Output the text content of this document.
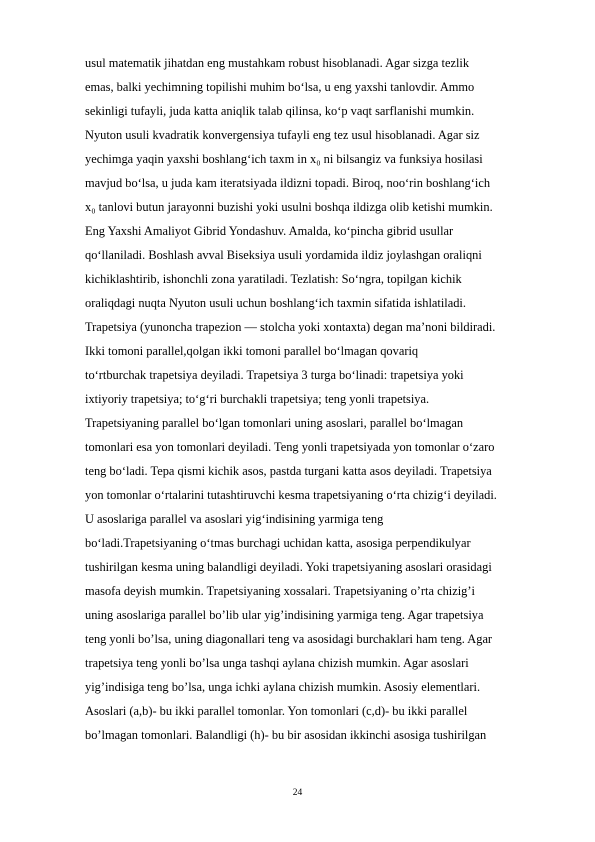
usul matematik jihatdan eng mustahkam robust hisoblanadi. Agar sizga tezlik
emas, balki yechimning topilishi muhim bo‘lsa, u eng yaxshi tanlovdir. Ammo
sekinligi tufayli, juda katta aniqlik talab qilinsa, ko‘p vaqt sarflanishi mumkin.
Nyuton usuli kvadratik konvergensiya tufayli eng tez usul hisoblanadi. Agar siz
yechimga yaqin yaxshi boshlang‘ich taxm in x₀ ni bilsangiz va funksiya hosilasi
mavjud bo‘lsa, u juda kam iteratsiyada ildizni topadi. Biroq, noo‘rin boshlang‘ich
x₀ tanlovi butun jarayonni buzishi yoki usulni boshqa ildizga olib ketishi mumkin.
Eng Yaxshi Amaliyot Gibrid Yondashuv. Amalda, ko‘pincha gibrid usullar
qo‘llaniladi. Boshlash avval Biseksiya usuli yordamida ildiz joylashgan oraliqni
kichiklashtirib, ishonchli zona yaratiladi. Tezlatish: So‘ngra, topilgan kichik
oraliqdagi nuqta Nyuton usuli uchun boshlang‘ich taxmin sifatida ishlatiladi.
Trapetsiya (yunoncha trapezion — stolcha yoki xontaxta) degan ma’noni bildiradi.
Ikki tomoni parallel,qolgan ikki tomoni parallel bo‘lmagan qovariq
to‘rtburchak trapetsiya deyiladi. Trapetsiya 3 turga bo‘linadi: trapetsiya yoki
ixtiyoriy trapetsiya; to‘g‘ri burchakli trapetsiya; teng yonli trapetsiya.
Trapetsiyaning parallel bo‘lgan tomonlari uning asoslari, parallel bo‘lmagan
tomonlari esa yon tomonlari deyiladi. Teng yonli trapetsiyada yon tomonlar o‘zaro
teng bo‘ladi. Tepa qismi kichik asos, pastda turgani katta asos deyiladi. Trapetsiya
yon tomonlar o‘rtalarini tutashtiruvchi kesma trapetsiyaning o‘rta chizig‘i deyiladi.
U asoslariga parallel va asoslari yig‘indisining yarmiga teng
bo‘ladi.Trapetsiyaning o‘tmas burchagi uchidan katta, asosiga perpendikulyar
tushirilgan kesma uning balandligi deyiladi. Yoki trapetsiyaning asoslari orasidagi
masofa deyish mumkin. Trapetsiyaning xossalari. Trapetsiyaning o’rta chizig’i
uning asoslariga parallel bo’lib ular yig’indisining yarmiga teng. Agar trapetsiya
teng yonli bo’lsa, uning diagonallari teng va asosidagi burchaklari ham teng. Agar
trapetsiya teng yonli bo’lsa unga tashqi aylana chizish mumkin. Agar asoslari
yig’indisiga teng bo’lsa, unga ichki aylana chizish mumkin. Asosiy elementlari.
Asoslari (a,b)- bu ikki parallel tomonlar. Yon tomonlari (c,d)- bu ikki parallel
bo’lmagan tomonlari. Balandligi (h)- bu bir asosidan ikkinchi asosiga tushirilgan
24
